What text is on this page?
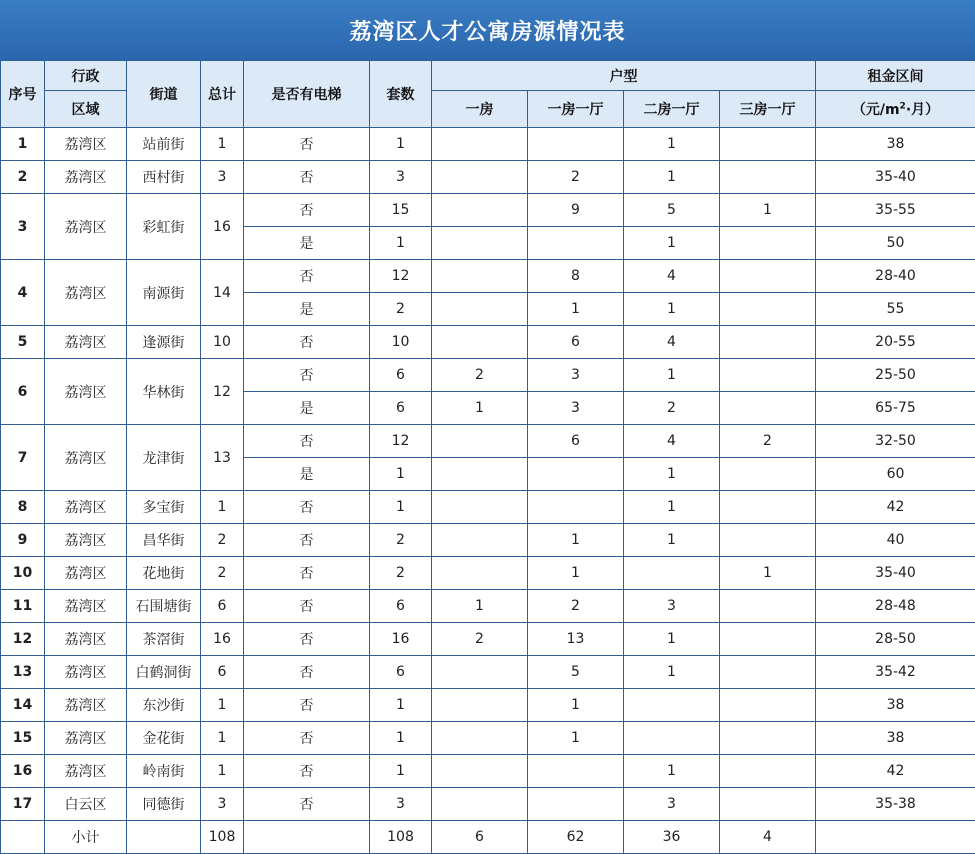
荔湾区人才公寓房源情况表
序号	行政	街道	总计	是否有电梯	套数	户型				租金区间
	区域					一房	一房一厅	二房一厅	三房一厅	（元$/m^2\cdot$月）
1	荔湾区	站前街	1	否	1			1		38
2	荔湾区	西村街	3	否	3		2	1		35-40
3	荔湾区	彩虹街	16	否	15		9	5	1	35-55
				是	1			1		50
4	荔湾区	南源街	14	否	12		8	4		28-40
				是	2		1	1		55
5	荔湾区	逢源街	10	否	10		6	4		20-55
6	荔湾区	华林街	12	否	6	2	3	1		25-50
				是	6	1	3	2		65-75
7	荔湾区	龙津街	13	否	12		6	4	2	32-50
				是	1			1		60
8	荔湾区	多宝街	1	否	1			1		42
9	荔湾区	昌华街	2	否	2		1	1		40
10	荔湾区	花地街	2	否	2		1		1	35-40
11	荔湾区	石围塘街	6	否	6	1	2	3		28-48
12	荔湾区	茶滘街	16	否	16	2	13	1		28-50
13	荔湾区	白鹤洞街	6	否	6		5	1		35-42
14	荔湾区	东沙街	1	否	1		1			38
15	荔湾区	金花街	1	否	1		1			38
16	荔湾区	岭南街	1	否	1			1		42
17	白云区	同德街	3	否	3			3		35-38
	小计		108		108	6	62	36	4	
